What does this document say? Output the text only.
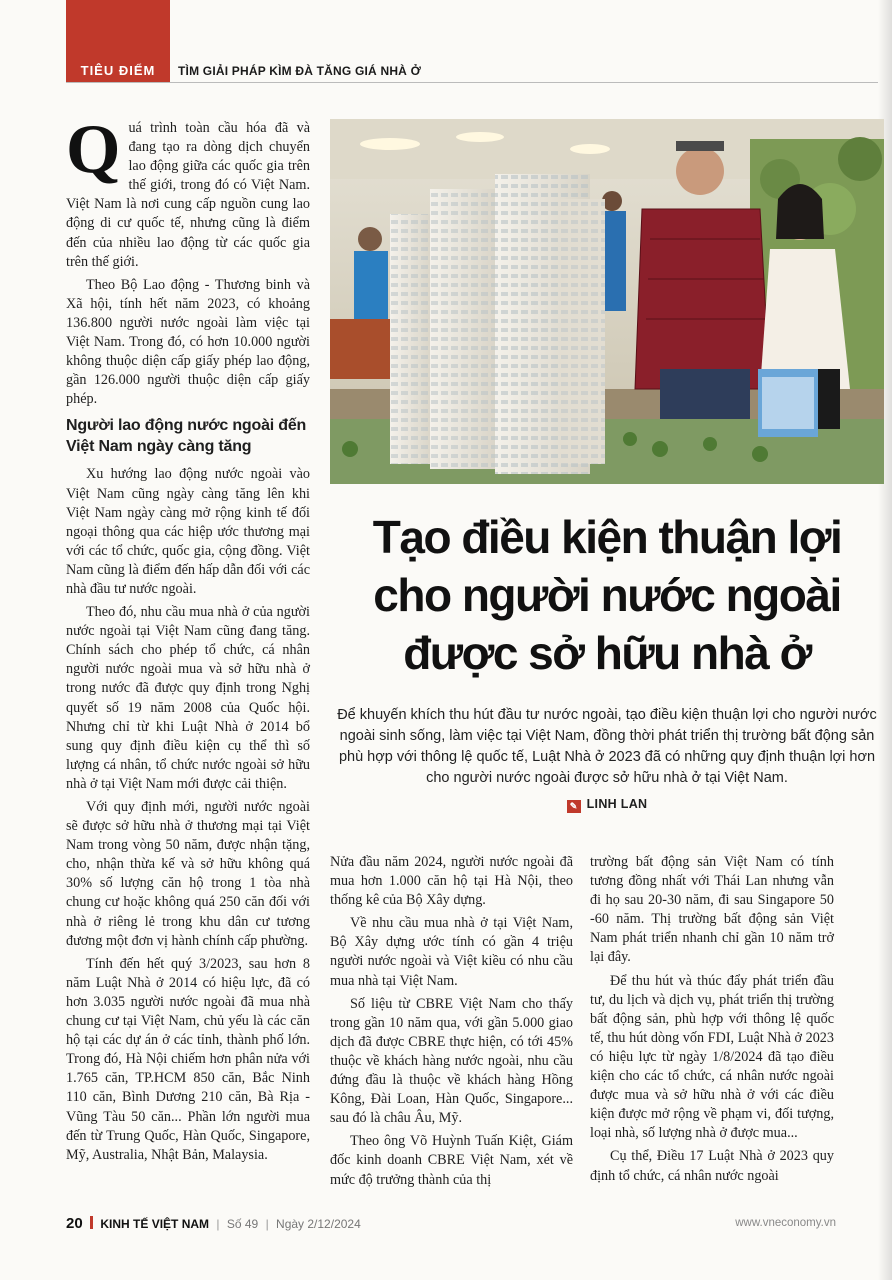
TIÊU ĐIỂM	TÌM GIẢI PHÁP KÌM ĐÀ TĂNG GIÁ NHÀ Ở

Quá trình toàn cầu hóa đã và đang tạo ra dòng dịch chuyển lao động giữa các quốc gia trên thế giới, trong đó có Việt Nam. Việt Nam là nơi cung cấp nguồn cung lao động di cư quốc tế, nhưng cũng là điểm đến của nhiều lao động từ các quốc gia trên thế giới.

Theo Bộ Lao động - Thương binh và Xã hội, tính hết năm 2023, có khoảng 136.800 người nước ngoài làm việc tại Việt Nam. Trong đó, có hơn 10.000 người không thuộc diện cấp giấy phép lao động, gần 126.000 người thuộc diện cấp giấy phép.

Người lao động nước ngoài đến Việt Nam ngày càng tăng

Xu hướng lao động nước ngoài vào Việt Nam cũng ngày càng tăng lên khi Việt Nam ngày càng mở rộng kinh tế đối ngoại thông qua các hiệp ước thương mại với các tổ chức, quốc gia, cộng đồng. Việt Nam cũng là điểm đến hấp dẫn đối với các nhà đầu tư nước ngoài.

Theo đó, nhu cầu mua nhà ở của người nước ngoài tại Việt Nam cũng đang tăng. Chính sách cho phép tổ chức, cá nhân người nước ngoài mua và sở hữu nhà ở trong nước đã được quy định trong Nghị quyết số 19 năm 2008 của Quốc hội. Nhưng chỉ từ khi Luật Nhà ở 2014 bổ sung quy định điều kiện cụ thể thì số lượng cá nhân, tổ chức nước ngoài sở hữu nhà ở tại Việt Nam mới được cải thiện.

Với quy định mới, người nước ngoài sẽ được sở hữu nhà ở thương mại tại Việt Nam trong vòng 50 năm, được nhận tặng, cho, nhận thừa kế và sở hữu không quá 30% số lượng căn hộ trong 1 tòa nhà chung cư hoặc không quá 250 căn đối với nhà ở riêng lẻ trong khu dân cư tương đương một đơn vị hành chính cấp phường.

Tính đến hết quý 3/2023, sau hơn 8 năm Luật Nhà ở 2014 có hiệu lực, đã có hơn 3.035 người nước ngoài đã mua nhà chung cư tại Việt Nam, chủ yếu là các căn hộ tại các dự án ở các tỉnh, thành phố lớn. Trong đó, Hà Nội chiếm hơn phân nửa với 1.765 căn, TP.HCM 850 căn, Bắc Ninh 110 căn, Bình Dương 210 căn, Bà Rịa - Vũng Tàu 50 căn... Phần lớn người mua đến từ Trung Quốc, Hàn Quốc, Singapore, Mỹ, Australia, Nhật Bản, Malaysia.

Tạo điều kiện thuận lợi
cho người nước ngoài
được sở hữu nhà ở
Để khuyến khích thu hút đầu tư nước ngoài, tạo điều kiện thuận lợi cho người nước ngoài sinh sống, làm việc tại Việt Nam, đồng thời phát triển thị trường bất động sản phù hợp với thông lệ quốc tế, Luật Nhà ở 2023 đã có những quy định thuận lợi hơn cho người nước ngoài được sở hữu nhà ở tại Việt Nam.
✎ LINH LAN

Nửa đầu năm 2024, người nước ngoài đã mua hơn 1.000 căn hộ tại Hà Nội, theo thống kê của Bộ Xây dựng.

Về nhu cầu mua nhà ở tại Việt Nam, Bộ Xây dựng ước tính có gần 4 triệu người nước ngoài và Việt kiều có nhu cầu mua nhà tại Việt Nam.

Số liệu từ CBRE Việt Nam cho thấy trong gần 10 năm qua, với gần 5.000 giao dịch đã được CBRE thực hiện, có tới 45% thuộc về khách hàng nước ngoài, nhu cầu đứng đầu là thuộc về khách hàng Hồng Kông, Đài Loan, Hàn Quốc, Singapore... sau đó là châu Âu, Mỹ.

Theo ông Võ Huỳnh Tuấn Kiệt, Giám đốc kinh doanh CBRE Việt Nam, xét về mức độ trưởng thành của thị

trường bất động sản Việt Nam có tính tương đồng nhất với Thái Lan nhưng vẫn đi họ sau 20-30 năm, đi sau Singapore 50 -60 năm. Thị trường bất động sản Việt Nam phát triển nhanh chỉ gần 10 năm trở lại đây.

Để thu hút và thúc đẩy phát triển đầu tư, du lịch và dịch vụ, phát triển thị trường bất động sản, phù hợp với thông lệ quốc tế, thu hút dòng vốn FDI, Luật Nhà ở 2023 có hiệu lực từ ngày 1/8/2024 đã tạo điều kiện cho các tổ chức, cá nhân nước ngoài được mua và sở hữu nhà ở với các điều kiện được mở rộng về phạm vi, đối tượng, loại nhà, số lượng nhà ở được mua...

Cụ thể, Điều 17 Luật Nhà ở 2023 quy định tổ chức, cá nhân nước ngoài

20 KINH TẾ VIỆT NAM | Số 49 | Ngày 2/12/2024	www.vneconomy.vn
